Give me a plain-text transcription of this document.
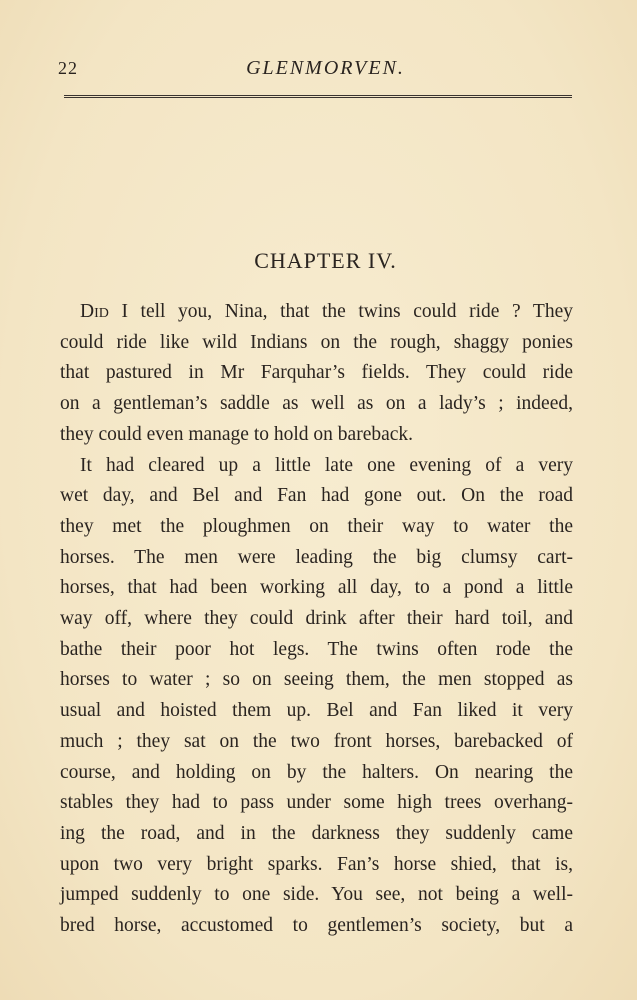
22	GLENMORVEN.
CHAPTER IV.
Did I tell you, Nina, that the twins could ride ? They
could ride like wild Indians on the rough, shaggy ponies
that pastured in Mr Farquhar’s fields. They could ride
on a gentleman’s saddle as well as on a lady’s ; indeed,
they could even manage to hold on bareback.
It had cleared up a little late one evening of a very
wet day, and Bel and Fan had gone out. On the road
they met the ploughmen on their way to water the
horses. The men were leading the big clumsy cart-
horses, that had been working all day, to a pond a little
way off, where they could drink after their hard toil, and
bathe their poor hot legs. The twins often rode the
horses to water ; so on seeing them, the men stopped as
usual and hoisted them up. Bel and Fan liked it very
much ; they sat on the two front horses, barebacked of
course, and holding on by the halters. On nearing the
stables they had to pass under some high trees overhang-
ing the road, and in the darkness they suddenly came
upon two very bright sparks. Fan’s horse shied, that is,
jumped suddenly to one side. You see, not being a well-
bred horse, accustomed to gentlemen’s society, but a
